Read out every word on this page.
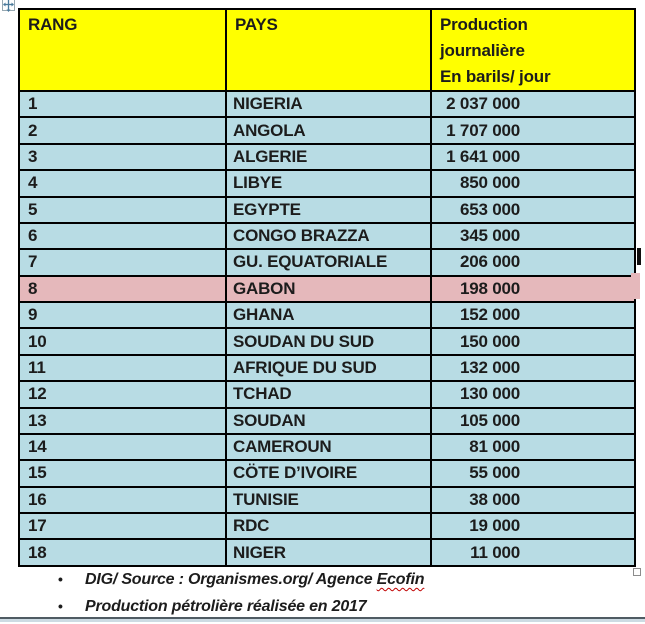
RANG	PAYS	Production
journalière
En barils/ jour

1	NIGERIA	2 037 000
2	ANGOLA	1 707 000
3	ALGERIE	1 641 000
4	LIBYE	850 000
5	EGYPTE	653 000
6	CONGO BRAZZA	345 000
7	GU. EQUATORIALE	206 000
8	GABON	198 000
9	GHANA	152 000
10	SOUDAN DU SUD	150 000
11	AFRIQUE DU SUD	132 000
12	TCHAD	130 000
13	SOUDAN	105 000
14	CAMEROUN	81 000
15	CÖTE D’IVOIRE	55 000
16	TUNISIE	38 000
17	RDC	19 000
18	NIGER	11 000
•	DIG/ Source : Organismes.org/ Agence Ecofin
•	Production pétrolière réalisée en 2017
